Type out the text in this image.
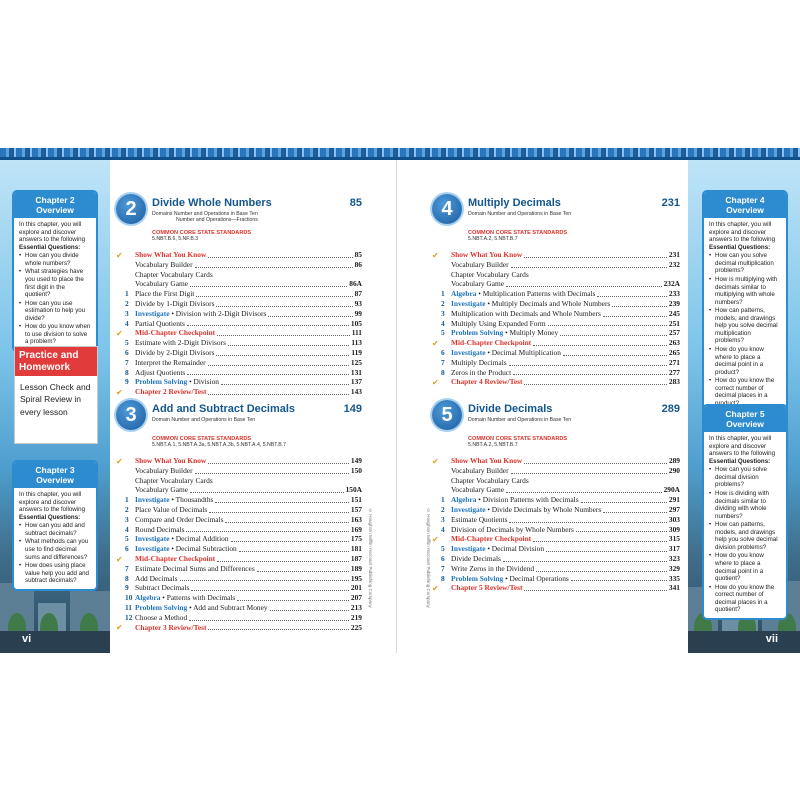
vi	vii
Chapter 2 Overview
In this chapter, you will explore and discover answers to the following Essential Questions:
• How can you divide whole numbers?
• What strategies have you used to place the first digit in the quotient?
• How can you use estimation to help you divide?
• How do you know when to use division to solve a problem?
Practice and Homework
Lesson Check and Spiral Review in every lesson
Chapter 3 Overview
In this chapter, you will explore and discover answers to the following Essential Questions:
• How can you add and subtract decimals?
• What methods can you use to find decimal sums and differences?
• How does using place value help you add and subtract decimals?
Chapter 4 Overview
In this chapter, you will explore and discover answers to the following Essential Questions:
• How can you solve decimal multiplication problems?
• How is multiplying with decimals similar to multiplying with whole numbers?
• How can patterns, models, and drawings help you solve decimal multiplication problems?
• How do you know where to place a decimal point in a product?
• How do you know the correct number of decimal places in a
Chapter 5 Overview
In this chapter, you will explore and discover answers to the following Essential Questions:
• How can you solve decimal division problems?
• How is dividing with decimals similar to dividing with whole numbers?
• How can patterns, models, and drawings help you solve decimal division problems?
• How do you know where to place a decimal point in a quotient?
• How do you know the correct number of decimal places in a quotient?
© Houghton Mifflin Harcourt Publishing Company	© Houghton Mifflin Harcourt Publishing Company
2	Divide Whole Numbers	85
Domains Number and Operations in Base Ten
Number and Operations—Fractions
COMMON CORE STATE STANDARDS
5.NBT.B.6, 5.NF.B.3
✔	Show What You Know	85
Vocabulary Builder	86
Chapter Vocabulary Cards
Vocabulary Game	86A
1 Place the First Digit	87
2 Divide by 1-Digit Divisors	93
3 Investigate • Division with 2-Digit Divisors	99
4 Partial Quotients	105
✔	Mid-Chapter Checkpoint	111
5 Estimate with 2-Digit Divisors	113
6 Divide by 2-Digit Divisors	119
7 Interpret the Remainder	125
8 Adjust Quotients	131
9 Problem Solving • Division	137
✔	Chapter 2 Review/Test	143
3	Add and Subtract Decimals	149
Domain Number and Operations in Base Ten
COMMON CORE STATE STANDARDS
5.NBT.A.1, 5.NBT.A.3a, 5.NBT.A.3b, 5.NBT.A.4, 5.NBT.B.7
✔	Show What You Know	149
Vocabulary Builder	150
Chapter Vocabulary Cards
Vocabulary Game	150A
1 Investigate • Thousandths	151
2 Place Value of Decimals	157
3 Compare and Order Decimals	163
4 Round Decimals	169
5 Investigate • Decimal Addition	175
6 Investigate • Decimal Subtraction	181
✔	Mid-Chapter Checkpoint	187
7 Estimate Decimal Sums and Differences	189
8 Add Decimals	195
9 Subtract Decimals	201
10 Algebra • Patterns with Decimals	207
11 Problem Solving • Add and Subtract Money	213
12 Choose a Method	219
✔	Chapter 3 Review/Test	225
4	Multiply Decimals	231
Domain Number and Operations in Base Ten
COMMON CORE STATE STANDARDS
5.NBT.A.2, 5.NBT.B.7
✔	Show What You Know	231
Vocabulary Builder	232
Chapter Vocabulary Cards
Vocabulary Game	232A
1 Algebra • Multiplication Patterns with Decimals	233
2 Investigate • Multiply Decimals and Whole Numbers	239
3 Multiplication with Decimals and Whole Numbers	245
4 Multiply Using Expanded Form	251
5 Problem Solving • Multiply Money	257
✔	Mid-Chapter Checkpoint	263
6 Investigate • Decimal Multiplication	265
7 Multiply Decimals	271
8 Zeros in the Product	277
✔	Chapter 4 Review/Test	283
5	Divide Decimals	289
Domain Number and Operations in Base Ten
COMMON CORE STATE STANDARDS
5.NBT.A.2, 5.NBT.B.7
✔	Show What You Know	289
Vocabulary Builder	290
Chapter Vocabulary Cards
Vocabulary Game	290A
1 Algebra • Division Patterns with Decimals	291
2 Investigate • Divide Decimals by Whole Numbers	297
3 Estimate Quotients	303
4 Division of Decimals by Whole Numbers	309
✔	Mid-Chapter Checkpoint	315
5 Investigate • Decimal Division	317
6 Divide Decimals	323
7 Write Zeros in the Dividend	329
8 Problem Solving • Decimal Operations	335
✔	Chapter 5 Review/Test	341
